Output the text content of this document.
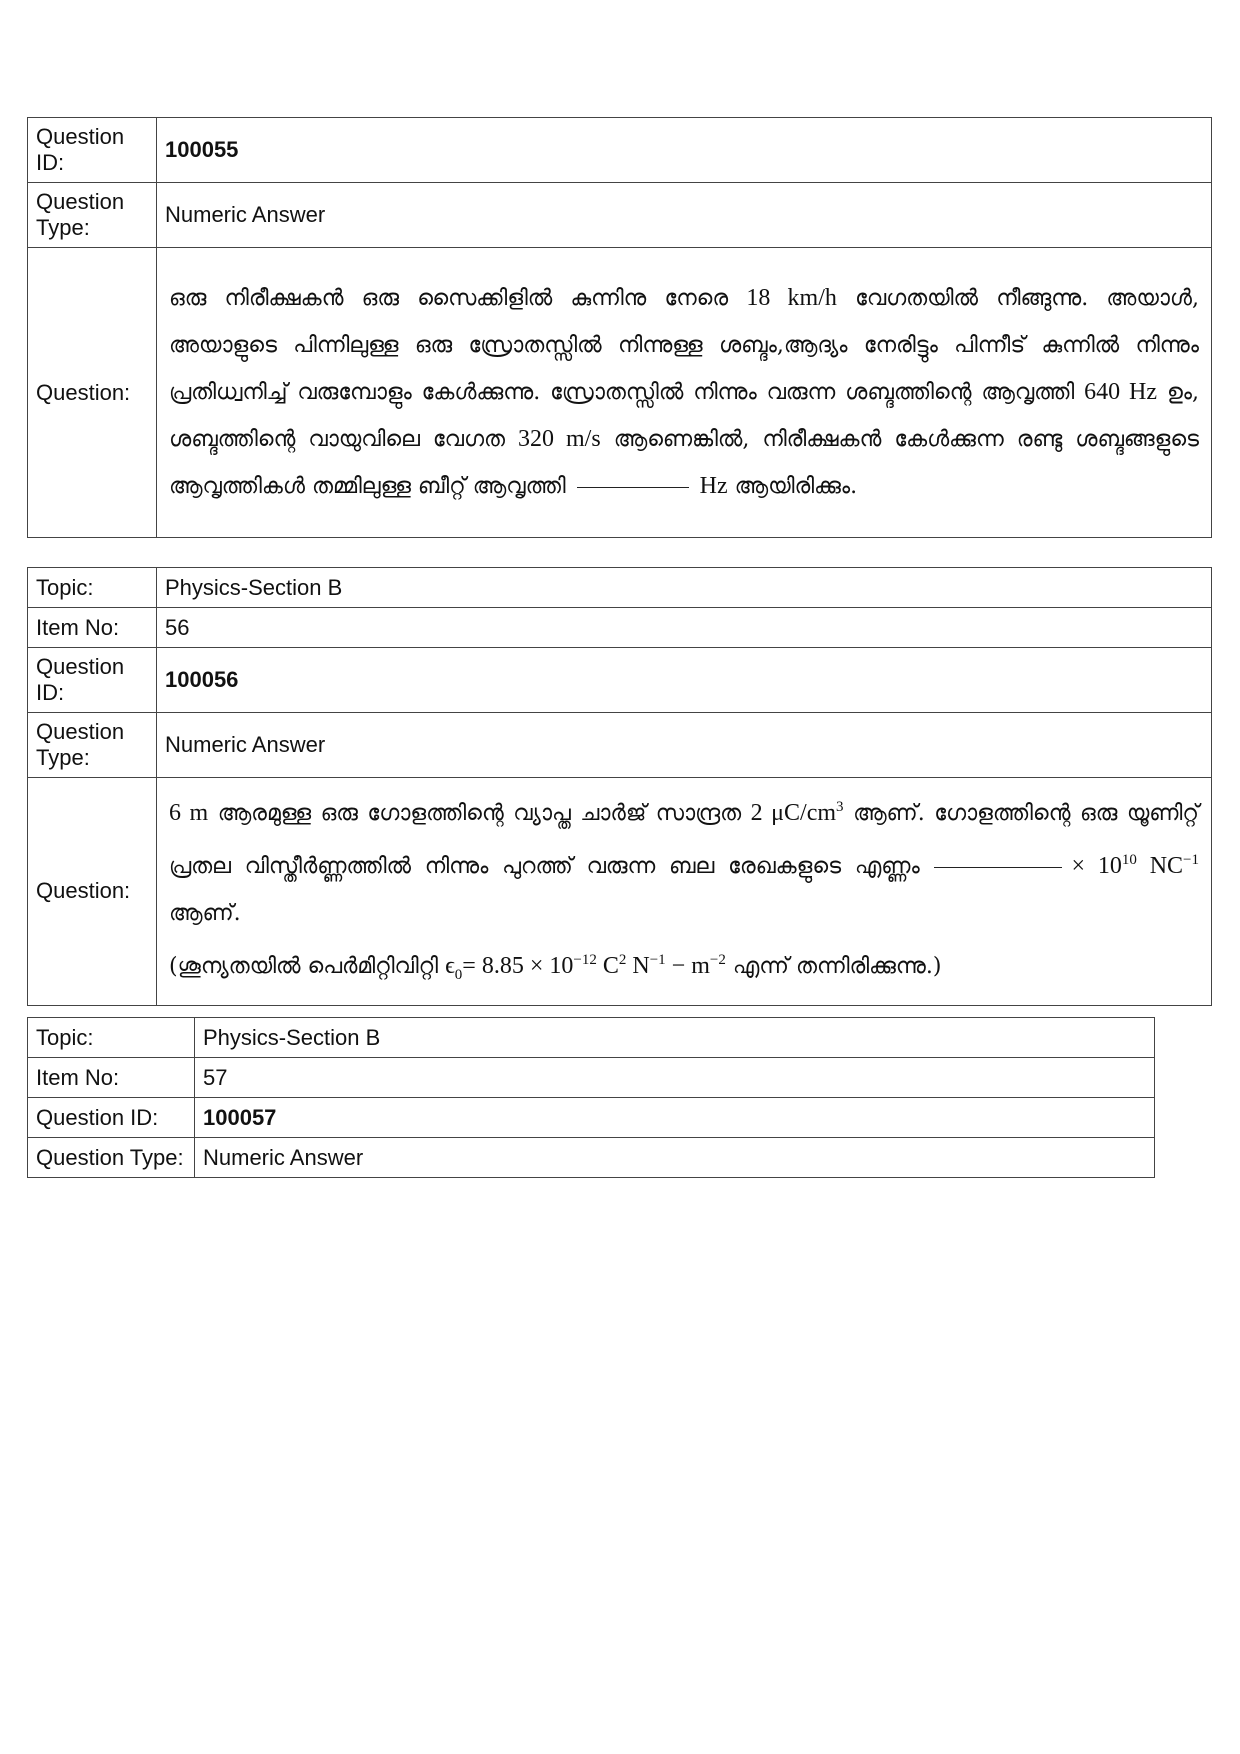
Question ID:	100055
Question Type:	Numeric Answer
Question:	ഒരു നിരീക്ഷകൻ ഒരു സൈക്കിളിൽ കുന്നിനു നേരെ 18 km/h വേഗതയിൽ നീങ്ങുന്നു. അയാൾ, അയാളുടെ പിന്നിലുള്ള ഒരു സ്രോതസ്സിൽ നിന്നുള്ള ശബ്ദം,ആദ്യം നേരിട്ടും പിന്നീട് കുന്നിൽ നിന്നും പ്രതിധ്വനിച്ച് വരുമ്പോളും കേൾക്കുന്നു. സ്രോതസ്സിൽ നിന്നും വരുന്ന ശബ്ദത്തിന്റെ ആവൃത്തി 640 Hz ഉം, ശബ്ദത്തിന്റെ വായുവിലെ വേഗത 320 m/s ആണെങ്കിൽ, നിരീക്ഷകൻ കേൾക്കുന്ന രണ്ടു ശബ്ദങ്ങളുടെ ആവൃത്തികൾ തമ്മിലുള്ള ബീറ്റ് ആവൃത്തി Hz ആയിരിക്കും.
Topic:	Physics-Section B
Item No:	56
Question ID:	100056
Question Type:	Numeric Answer
Question:	6 m ആരമുള്ള ഒരു ഗോളത്തിന്റെ വ്യാപ്ത ചാർജ് സാന്ദ്രത 2 $\mu C/cm^3$ ആണ്. ഗോളത്തിന്റെ ഒരു യൂണിറ്റ് പ്രതല വിസ്തീർണ്ണത്തിൽ നിന്നും പുറത്ത് വരുന്ന ബല രേഖകളുടെ എണ്ണം × $10^{10}$ $NC^{-1}$ ആണ്.
(ശൂന്യതയിൽ പെർമിറ്റിവിറ്റി $\epsilon_0= 8.85 \times 10^{-12}$ $C^2$ $N^{-1} - m^{-2}$ എന്ന് തന്നിരിക്കുന്നു.)
Topic:	Physics-Section B
Item No:	57
Question ID:	100057
Question Type:	Numeric Answer
